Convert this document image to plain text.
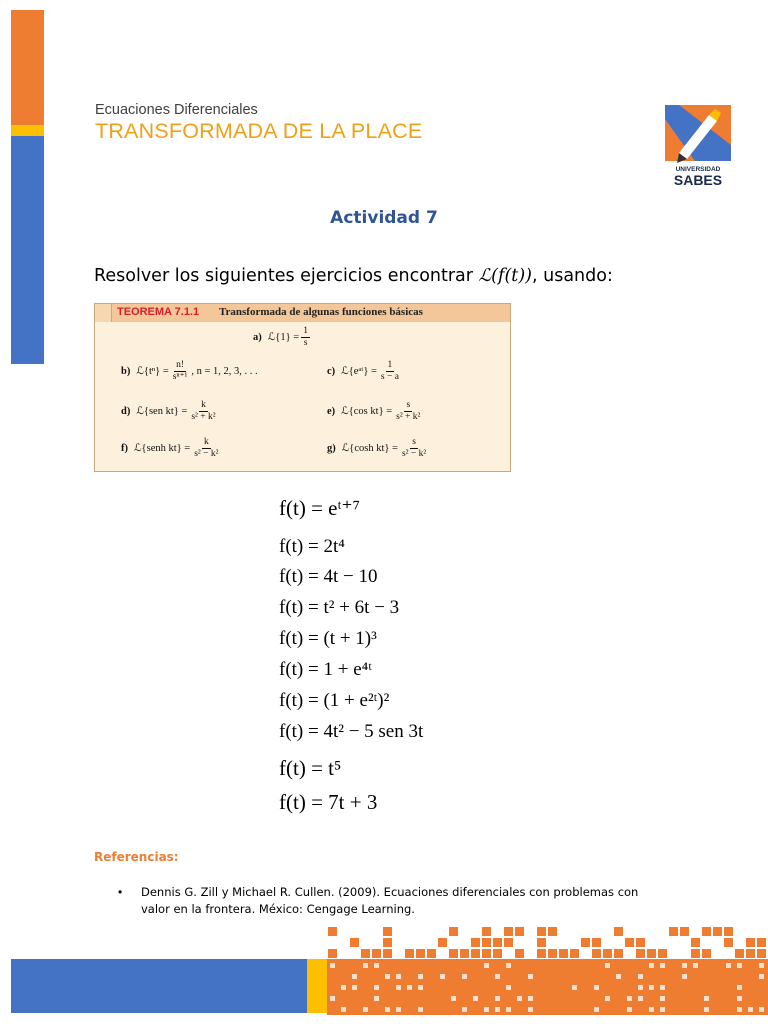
Ecuaciones Diferenciales
TRANSFORMADA DE LA PLACE
UNIVERSIDAD
SABES
Actividad 7
Resolver los siguientes ejercicios encontrar ℒ(f(t)), usando:
TEOREMA 7.1.1 Transformada de algunas funciones básicas
a) ℒ{1} = $\frac{1}{s}$
b) ℒ{tⁿ} = $\frac{n!}{\text{sⁿ⁺¹}}$ , n = 1, 2, 3, . . .	c) ℒ{eᵃᵗ} = $\frac{1}{s - a}$
d) ℒ{sen $kt\} = \frac{k}{\text{s² + k²}}$	e) ℒ{cos $kt\} = \frac{s}{\text{s² + k²}}$
f) ℒ{senh $kt\} = \frac{k}{\text{s² − k²}}$	g) ℒ{cosh $kt\} = \frac{s}{\text{s² − k²}}$
f(t) = eᵗ⁺⁷
f(t) = 2t⁴
f(t) = 4t − 10
f(t) = t² + 6t − 3
f(t) = (t + 1)³
f(t) = 1 + e⁴ᵗ
f(t) = (1 + e²ᵗ)²
f(t) = 4t² − 5 sen 3t
f(t) = t⁵
f(t) = 7t + 3
Referencias:
• Dennis G. Zill y Michael R. Cullen. (2009). Ecuaciones diferenciales con problemas con valor en la frontera. México: Cengage Learning.
